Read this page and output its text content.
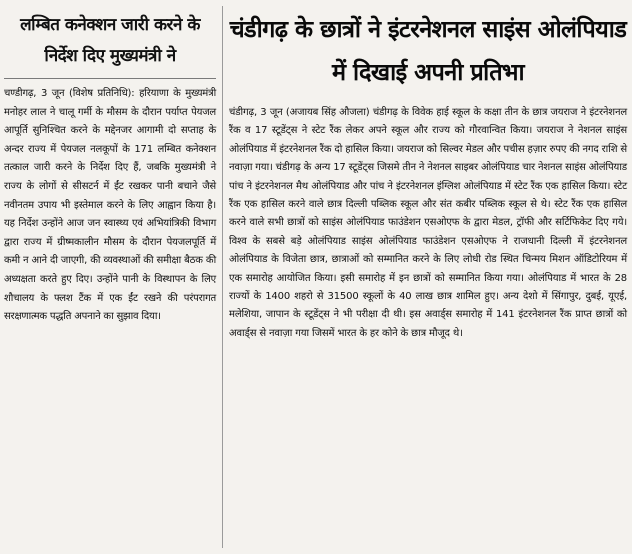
लम्बित कनेक्शन जारी करने के निर्देश दिए मुख्यमंत्री ने

चण्डीगढ़, 3 जून (विशेष प्रतिनिधि): हरियाणा के मुख्यमंत्री मनोहर लाल ने चालू गर्मी के मौसम के दौरान पर्याप्त पेयजल आपूर्ति सुनिश्चित करने के मद्देनजर आगामी दो सप्ताह के अन्दर राज्य में पेयजल नलकूपों के 171 लम्बित कनेक्शन तत्काल जारी करने के निर्देश दिए हैं, जबकि मुख्यमंत्री ने राज्य के लोगों से सीसटर्न में ईंट रखकर पानी बचाने जैसे नवीनतम उपाय भी इस्तेमाल करने के लिए आह्वान किया है। यह निर्देश उन्होंने आज जन स्वास्थ्य एवं अभियांत्रिकी विभाग द्वारा राज्य में ग्रीष्मकालीन मौसम के दौरान पेयजलपूर्ति में कमी न आने दी जाएगी, की व्यवस्थाओं की समीक्षा बैठक की अध्यक्षता करते हुए दिए। उन्होंने पानी के विस्थापन के लिए शौचालय के फ्लश टैंक में एक ईंट रखने की परंपरागत सरक्षणात्मक पद्धति अपनाने का सुझाव दिया।

चंडीगढ़ के छात्रों ने इंटरनेशनल साइंस ओलंपियाड में दिखाई अपनी प्रतिभा

चंडीगढ़, 3 जून (अजायब सिंह औजला) चंडीगढ़ के विवेक हाई स्कूल के कक्षा तीन के छात्र जयराज ने इंटरनेशनल रैंक व 17 स्टूडेंट्स ने स्टेट रैंक लेकर अपने स्कूल और राज्य को गौरवान्वित किया। जयराज ने नेशनल साइंस ओलंपियाड में इंटरनेशनल रैंक दो हासिल किया। जयराज को सिल्वर मेडल और पचीस हज़ार रुपए की नगद राशि से नवाज़ा गया। चंडीगढ़ के अन्य 17 स्टूडेंट्स जिसमे तीन ने नेशनल साइबर ओलंपियाड चार नेशनल साइंस ओलंपियाड पांच ने इंटरनेशनल मैथ ओलंपियाड और पांच ने इंटरनेशनल इंग्लिश ओलंपियाड में स्टेट रैंक एक हासिल किया। स्टेट रैंक एक हासिल करने वाले छात्र दिल्ली पब्लिक स्कूल और संत कबीर पब्लिक स्कूल से थे। स्टेट रैंक एक हासिल करने वाले सभी छात्रों को साइंस ओलंपियाड फाउंडेशन एसओएफ के द्वारा मेडल, ट्रॉफी और सर्टिफिकेट दिए गये। विश्व के सबसे बड़े ओलंपियाड साइंस ओलंपियाड फाउंडेशन एसओएफ ने राजधानी दिल्ली में इंटरनेशनल ओलंपियाड के विजेता छात्र, छात्राओं को सम्मानित करने के लिए लोधी रोड स्थित चिन्मय मिशन ऑडिटोरियम में एक समारोह आयोजित किया। इसी समारोह में इन छात्रों को सम्मानित किया गया। ओलंपियाड में भारत के 28 राज्यों के 1400 शहरो से 31500 स्कूलों के 40 लाख छात्र शामिल हुए। अन्य देशो में सिंगापुर, दुबई, यूएई, मलेशिया, जापान के स्टूडेंट्स ने भी परीक्षा दी थी। इस अवार्ड्स समारोह में 141 इंटरनेशनल रैंक प्राप्त छात्रों को अवार्ड्स से नवाज़ा गया जिसमें भारत के हर कोने के छात्र मौजूद थे।
